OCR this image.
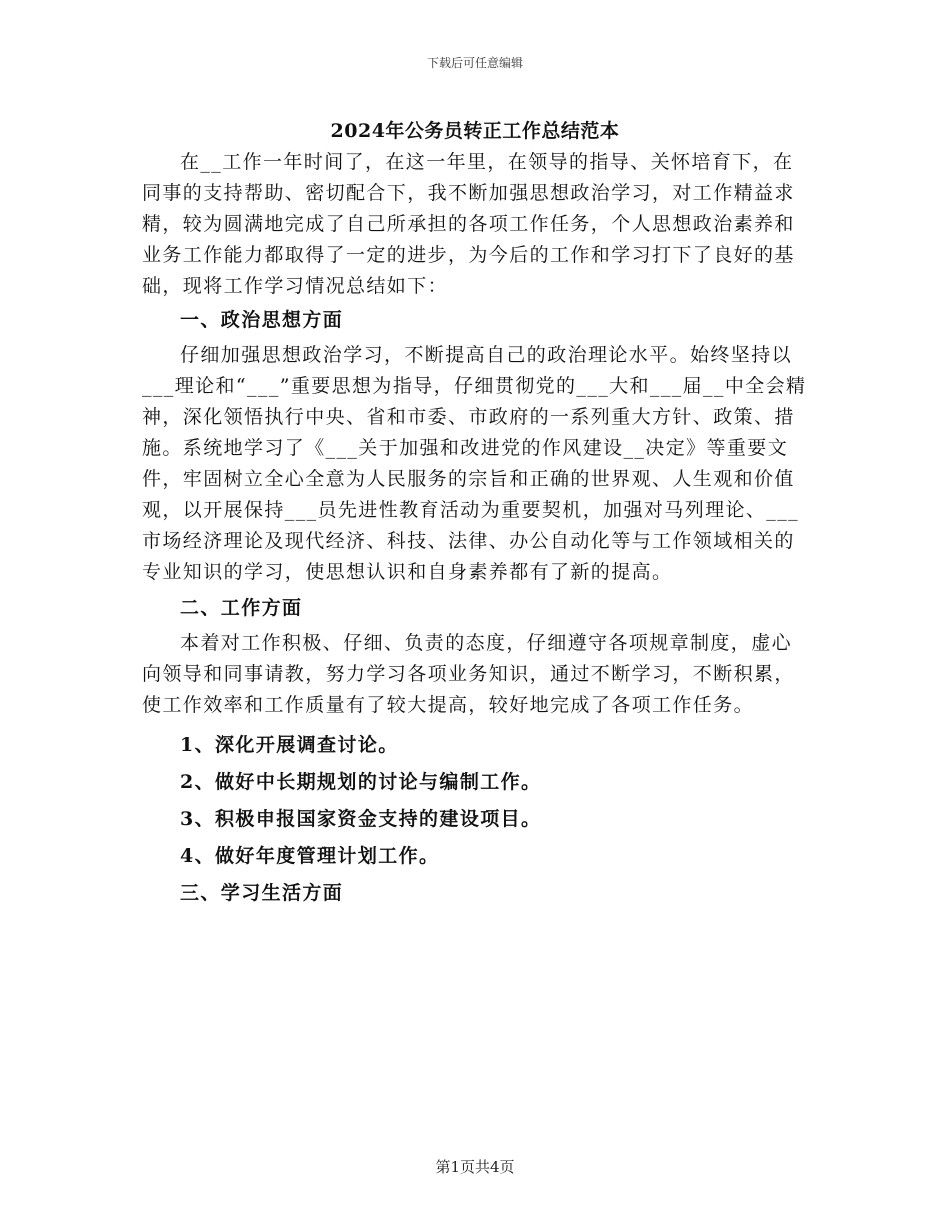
下载后可任意编辑
2024年公务员转正工作总结范本

在__工作一年时间了，在这一年里，在领导的指导、关怀培育下，在同事的支持帮助、密切配合下，我不断加强思想政治学习，对工作精益求精，较为圆满地完成了自己所承担的各项工作任务，个人思想政治素养和业务工作能力都取得了一定的进步，为今后的工作和学习打下了良好的基础，现将工作学习情况总结如下：

一、政治思想方面

仔细加强思想政治学习，不断提高自己的政治理论水平。始终坚持以___理论和“___”重要思想为指导，仔细贯彻党的___大和___届__中全会精神，深化领悟执行中央、省和市委、市政府的一系列重大方针、政策、措施。系统地学习了《___关于加强和改进党的作风建设__决定》等重要文件，牢固树立全心全意为人民服务的宗旨和正确的世界观、人生观和价值观，以开展保持___员先进性教育活动为重要契机，加强对马列理论、___市场经济理论及现代经济、科技、法律、办公自动化等与工作领域相关的专业知识的学习，使思想认识和自身素养都有了新的提高。

二、工作方面

本着对工作积极、仔细、负责的态度，仔细遵守各项规章制度，虚心向领导和同事请教，努力学习各项业务知识，通过不断学习，不断积累，使工作效率和工作质量有了较大提高，较好地完成了各项工作任务。

1、深化开展调查讨论。

2、做好中长期规划的讨论与编制工作。

3、积极申报国家资金支持的建设项目。

4、做好年度管理计划工作。

三、学习生活方面

第1页共4页
